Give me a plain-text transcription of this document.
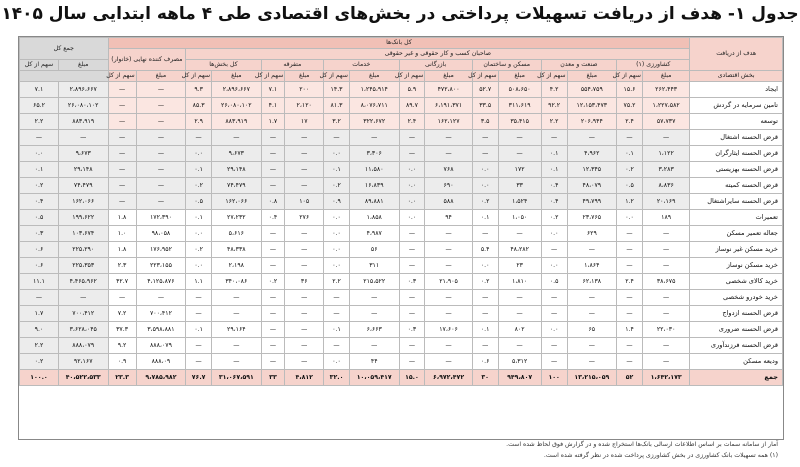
جدول ۱- هدف از دریافت تسهیلات پرداختی در بخش‌های اقتصادی طی ۴ ماهه ابتدایی سال ۱۴۰۵
هدف از دریافت	کل بانک‌ها																جمع کل	
	صاحبان کسب و کار حقوقی و غیر حقوقی														مصرف کننده نهایی (خانوار)			
	کشاورزی (۱)		صنعت و معدن		مسکن و ساختمان		بازرگانی		خدمات		متفرقه		کل بخش‌ها				مبلغ	سهم از کل
بخش اقتصادی	مبلغ	سهم از کل	مبلغ	سهم از کل	مبلغ	سهم از کل	مبلغ	سهم از کل	مبلغ	سهم از کل	مبلغ	سهم از کل	مبلغ	سهم از کل	مبلغ	سهم از کل		
ایجاد	۲۶۲،۴۴۳	۱۵.۶	۵۵۴،۷۵۹	۴.۲	۵۰۸،۶۵۰	۵۲.۷	۴۷۲،۸۰۰	۵.۹	۱،۲۴۵،۹۱۴	۱۴.۳	۲۰۰	۷.۱	۲،۸۹۶،۶۶۷	۹.۳	—	—	۲،۸۹۶،۶۶۷	۷.۱
تامین سرمایه در گردش	۱،۲۲۷،۵۸۲	۷۵.۲	۱۲،۱۵۳،۴۷۳	۹۲.۲	۳۱۱،۶۱۹	۳۳.۵	۶،۱۹۱،۳۷۱	۸۹.۷	۸،۰۷۶،۷۱۱	۸۱.۳	۲،۱۲۰	۴.۱	۲۶،۰۸۰،۱۰۲	۸۵.۳	—	—	۲۶،۰۸۰،۱۰۲	۶۵.۲
توسعه	۵۷،۷۳۷	۲.۴	۲۰۶،۹۴۴	۲.۲	۳۵،۴۱۵	۳.۵	۱۶۲،۱۲۷	۲.۴	۳۲۲،۶۷۲	۳.۲	۱۷	۱.۷	۸۸۳،۹۱۹	۲.۹	—	—	۸۸۳،۹۱۹	۲.۲
قرض الحسنه اشتغال	—	—	—	—	—	—	—	—	—	—	—	—	—	—	—	—	—	—
قرض الحسنه ایثارگران	۱،۱۲۲	۰.۱	۴،۹۶۲	۰.۱	—	—	—	—	۳،۳۰۶	۰.۰	—	—	۹،۶۷۳	۰.۰	—	—	۹،۶۷۳	۰.۰
قرض الحسنه بهزیستی	۳،۲۸۳	۰.۲	۱۲،۳۴۵	۰.۱	۱۷۲	۰.۰	۷۶۸	۰.۰	۱۱،۵۸۰	۰.۱	—	—	۲۹،۱۴۸	۰.۱	—	—	۲۹،۱۴۸	۰.۱
قرض الحسنه کمیته	۸،۸۳۶	۰.۵	۴۸،۰۷۹	۰.۴	۳۳	۰.۰	۶۹۰	۰.۰	۱۶،۸۳۹	۰.۲	—	—	۷۴،۴۷۹	۰.۲	—	—	۷۴،۴۷۹	۰.۲
قرض الحسنه سایراشتغال	۲۰،۱۶۹	۱.۲	۴۹،۷۹۹	۰.۴	۱،۵۲۴	۰.۲	۵۸۸	۰.۰	۸۹،۸۸۱	۰.۹	۱۰۵	۰.۸	۱۶۲،۰۶۶	۰.۵	—	—	۱۶۲،۰۶۶	۰.۴
تعمیرات	۱۸۹	۰.۰	۲۳،۷۶۵	۰.۲	۱،۰۵۰	۰.۱	۹۴	۰.۰	۱،۸۵۸	۰.۰	۲۷۶	۰.۴	۲۷،۲۳۲	۰.۱	۱۷۲،۳۹۰	۱.۸	۱۹۹،۶۲۲	۰.۵
جعاله تعمیر مسکن	—	—	۶۲۹	۰.۰	—	—	—	—	۴،۹۸۷	۰.۰	—	—	۵،۶۱۶	۰.۰	۹۸،۰۵۸	۱.۰	۱۰۳،۶۷۴	۰.۳
خرید مسکن غیر نوساز	—	—	—	—	۴۸،۲۸۲	۵.۴	—	—	۵۶	۰.۰	—	—	۴۸،۳۳۸	۰.۲	۱۷۶،۹۵۲	۱.۸	۲۲۵،۲۹۰	۰.۶
خرید مسکن نوساز	—	—	۱،۸۶۴	۰.۰	۲۳	۰.۰	—	—	۳۱۱	۰.۰	—	—	۲،۱۹۸	۰.۰	۲۲۳،۱۵۵	۲.۳	۲۲۵،۳۵۳	۰.۶
خرید کالای شخصی	۳۸،۶۷۵	۲.۴	۶۲،۱۳۸	۰.۵	۱،۸۱۰	۰.۲	۲۱،۹۰۵	۰.۳	۲۱۵،۵۲۲	۲.۲	۳۶	۰.۲	۳۴۰،۰۸۶	۱.۱	۴،۱۲۵،۸۷۶	۴۲.۷	۴،۴۶۵،۹۶۲	۱۱.۱
خرید خودرو شخصی	—	—	—	—	—	—	—	—	—	—	—	—	—	—	—	—	—	—
قرض الحسنه ازدواج	—	—	—	—	—	—	—	—	—	—	—	—	—	—	۷۰۰،۴۱۲	۷.۲	۷۰۰،۴۱۲	۱.۷
قرض الحسنه ضروری	۲۲،۰۳۰	۱.۴	۶۵	۰.۰	۸۰۲	۰.۱	۱۷،۶۰۶	۰.۳	۶،۶۶۳	۰.۱	—	—	۲۹،۱۶۴	۰.۱	۳،۵۹۸،۸۸۱	۳۷.۳	۳،۶۲۸،۰۴۵	۹.۰
قرض الحسنه فرزندآوری	—	—	—	—	—	—	—	—	—	—	—	—	—	—	۸۸۸،۰۷۹	۹.۲	۸۸۸،۰۷۹	۲.۲
ودیعه مسکن	—	—	—	—	۵،۳۱۲	۰.۶	—	—	۴۴	۰.۰	—	—	—	—	۸۸۸،۰۹	۰.۹	۹۲،۱۶۷	۰.۲
جمع	۱،۶۴۲،۱۷۳	۵۲	۱۳،۲۱۵،۰۵۹	۱۰۰	۹۴۹،۸۰۷	۳۰	۶،۹۷۲،۴۷۲	۱۵.۰	۱۰،۰۵۹،۴۱۷	۳۲.۰	۴،۸۱۲	۳۳	۳۱،۰۶۷،۵۹۱	۷۶.۷	۹،۷۸۵،۹۸۲	۲۳.۳	۴۰،۵۲۲،۵۳۳	۱۰۰.۰
آمار از سامانه سمات بر اساس اطلاعات ارسالی بانک‌ها استخراج شده و در گزارش فوق لحاظ شده است.
(۱) همه تسهیلات بانک کشاورزی در بخش کشاورزی پرداخت شده در نظر گرفته شده است.
